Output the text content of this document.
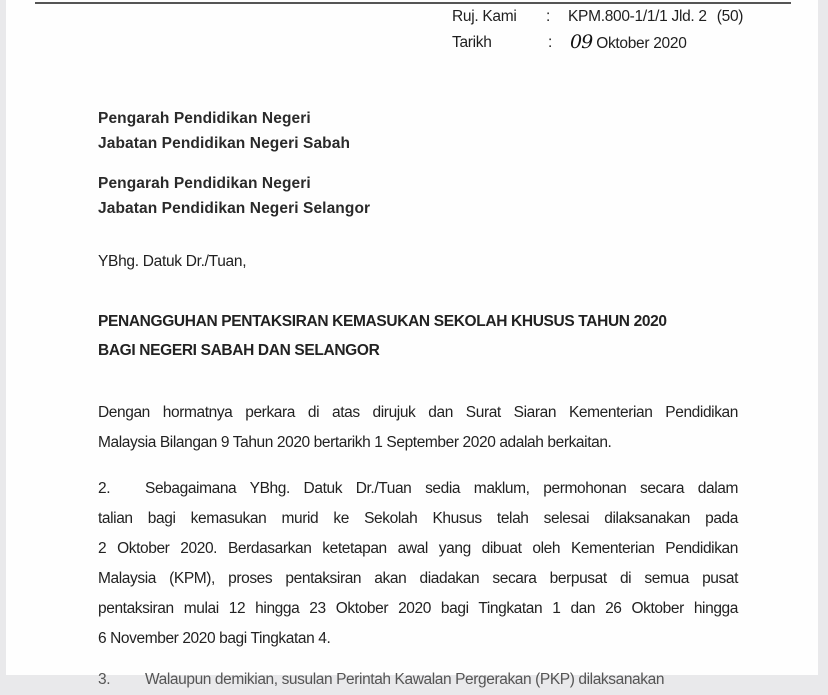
Ruj. Kami : KPM.800-1/1/1 Jld. 2 (50)
Tarikh	: 09 Oktober 2020
Pengarah Pendidikan Negeri
Jabatan Pendidikan Negeri Sabah
Pengarah Pendidikan Negeri
Jabatan Pendidikan Negeri Selangor
YBhg. Datuk Dr./Tuan,
PENANGGUHAN PENTAKSIRAN KEMASUKAN SEKOLAH KHUSUS TAHUN 2020
BAGI NEGERI SABAH DAN SELANGOR
Dengan hormatnya perkara di atas dirujuk dan Surat Siaran Kementerian Pendidikan
Malaysia Bilangan 9 Tahun 2020 bertarikh 1 September 2020 adalah berkaitan.
2. Sebagaimana YBhg. Datuk Dr./Tuan sedia maklum, permohonan secara dalam
talian bagi kemasukan murid ke Sekolah Khusus telah selesai dilaksanakan pada
2 Oktober 2020. Berdasarkan ketetapan awal yang dibuat oleh Kementerian Pendidikan
Malaysia (KPM), proses pentaksiran akan diadakan secara berpusat di semua pusat
pentaksiran mulai 12 hingga 23 Oktober 2020 bagi Tingkatan 1 dan 26 Oktober hingga
6 November 2020 bagi Tingkatan 4.
3. Walaupun demikian, susulan Perintah Kawalan Pergerakan (PKP) dilaksanakan
